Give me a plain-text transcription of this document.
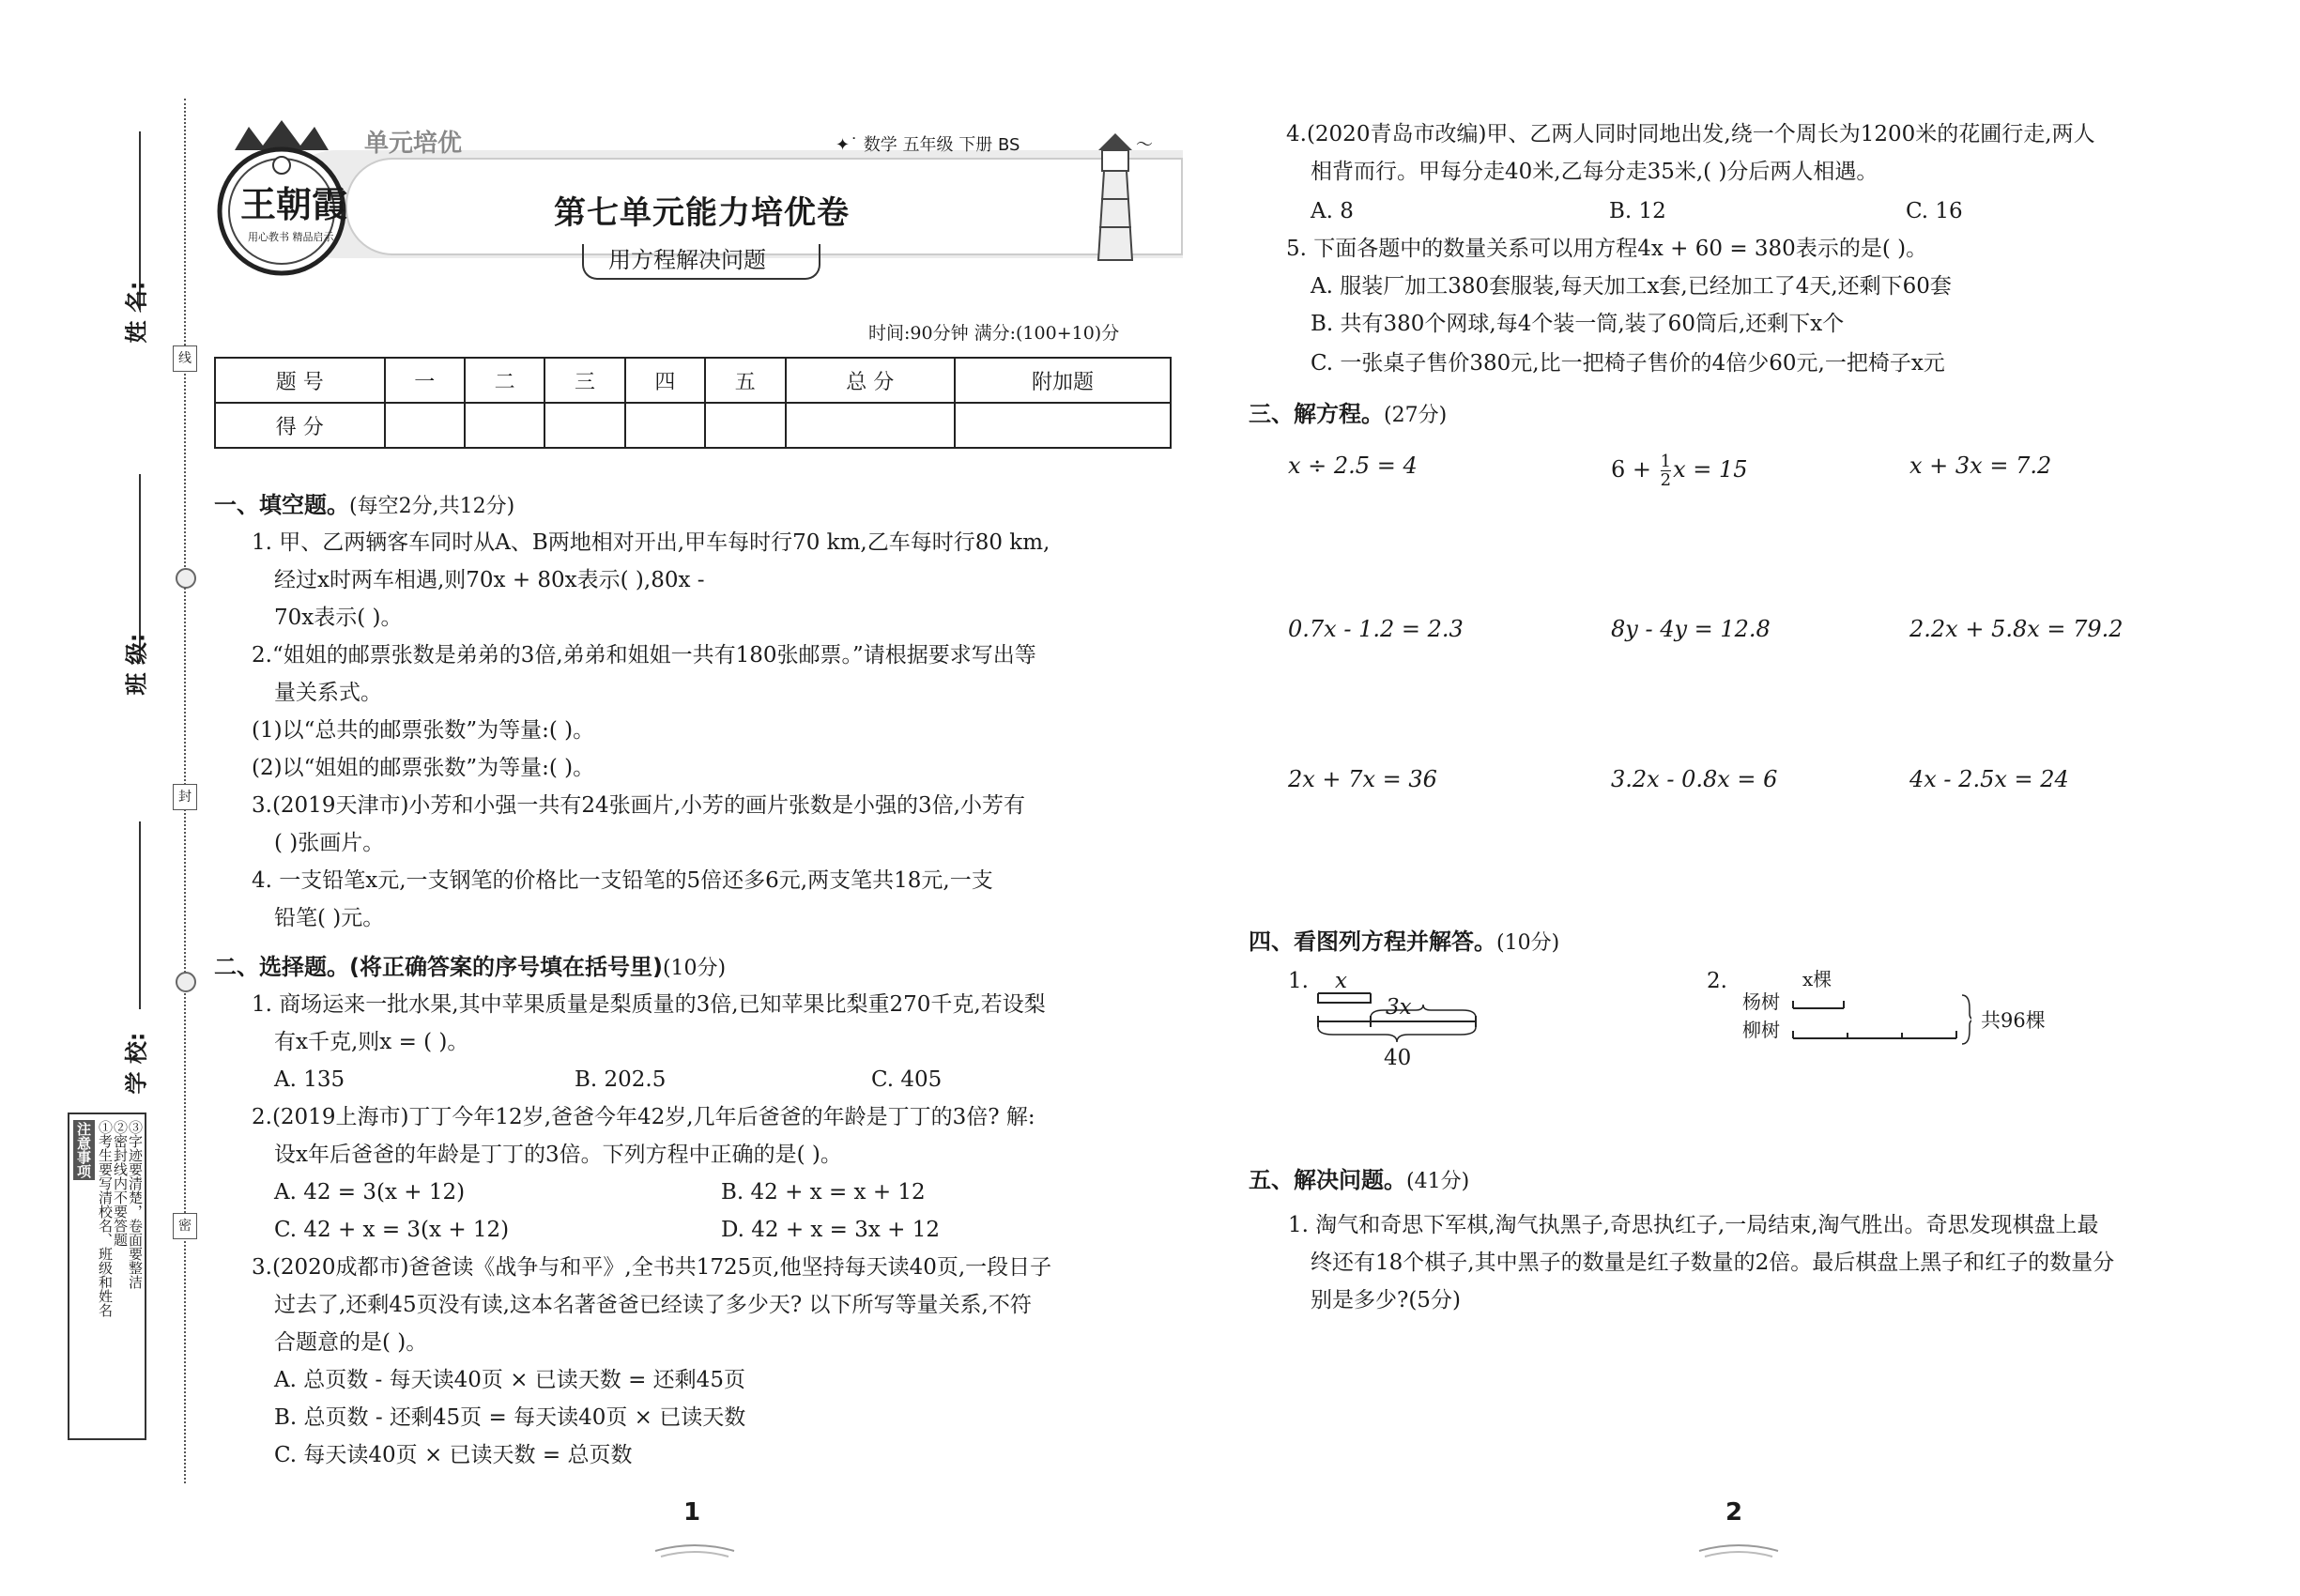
姓 名:
班 级:
学 校:
线
封
密
注意事项 ①考生要写清校名、班级和姓名
②密封线内不要答题
③字迹要清楚，卷面要整洁
王朝霞
用心教书 精品启示
单元培优	✦˙ 数学 五年级 下册 BS	〜
第七单元能力培优卷
用方程解决问题
时间:90分钟 满分:(100+10)分
题 号	一	二	三	四	五	总 分	附加题
得 分							
一、填空题。(每空2分,共12分)
1. 甲、乙两辆客车同时从A、B两地相对开出,甲车每时行70 km,乙车每时行80 km,
经过x时两车相遇,则70x + 80x表示( ),80x -
70x表示( )。
2.“姐姐的邮票张数是弟弟的3倍,弟弟和姐姐一共有180张邮票。”请根据要求写出等
量关系式。
(1)以“总共的邮票张数”为等量:( )。
(2)以“姐姐的邮票张数”为等量:( )。
3.(2019天津市)小芳和小强一共有24张画片,小芳的画片张数是小强的3倍,小芳有
( )张画片。
4. 一支铅笔x元,一支钢笔的价格比一支铅笔的5倍还多6元,两支笔共18元,一支
铅笔( )元。
二、选择题。(将正确答案的序号填在括号里)(10分)
1. 商场运来一批水果,其中苹果质量是梨质量的3倍,已知苹果比梨重270千克,若设梨
有x千克,则x = ( )。
A. 135	B. 202.5	C. 405
2.(2019上海市)丁丁今年12岁,爸爸今年42岁,几年后爸爸的年龄是丁丁的3倍? 解:
设x年后爸爸的年龄是丁丁的3倍。下列方程中正确的是( )。
A. 42 = 3(x + 12)	B. 42 + x = x + 12
C. 42 + x = 3(x + 12)	D. 42 + x = 3x + 12
3.(2020成都市)爸爸读《战争与和平》,全书共1725页,他坚持每天读40页,一段日子
过去了,还剩45页没有读,这本名著爸爸已经读了多少天? 以下所写等量关系,不符
合题意的是( )。
A. 总页数 - 每天读40页 × 已读天数 = 还剩45页
B. 总页数 - 还剩45页 = 每天读40页 × 已读天数
C. 每天读40页 × 已读天数 = 总页数
4.(2020青岛市改编)甲、乙两人同时同地出发,绕一个周长为1200米的花圃行走,两人
相背而行。甲每分走40米,乙每分走35米,( )分后两人相遇。
A. 8	B. 12	C. 16
5. 下面各题中的数量关系可以用方程4x + 60 = 380表示的是( )。
A. 服装厂加工380套服装,每天加工x套,已经加工了4天,还剩下60套
B. 共有380个网球,每4个装一筒,装了60筒后,还剩下x个
C. 一张桌子售价380元,比一把椅子售价的4倍少60元,一把椅子x元
三、解方程。(27分)
x ÷ 2.5 = 4	$6 + \frac{1}{2}$ x = 15	x + 3x = 7.2
0.7x - 1.2 = 2.3	8y - 4y = 12.8	2.2x + 5.8x = 79.2
2x + 7x = 36	3.2x - 0.8x = 6	4x - 2.5x = 24
四、看图列方程并解答。(10分)
1. x
3x
40
2.	x棵
杨树
柳树	共96棵
五、解决问题。(41分)
1. 淘气和奇思下军棋,淘气执黑子,奇思执红子,一局结束,淘气胜出。奇思发现棋盘上最
终还有18个棋子,其中黑子的数量是红子数量的2倍。最后棋盘上黑子和红子的数量分
别是多少?(5分)
1	2
